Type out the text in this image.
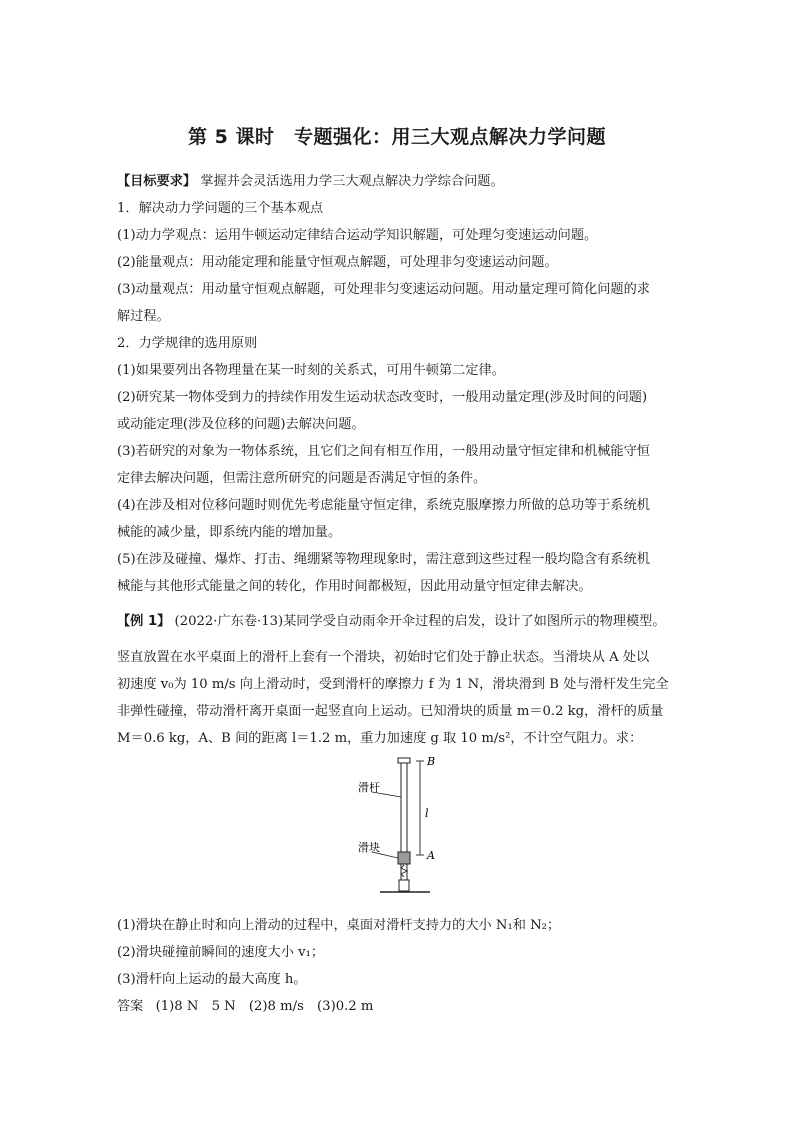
第 5 课时　专题强化：用三大观点解决力学问题
【目标要求】 掌握并会灵活选用力学三大观点解决力学综合问题。
1．解决动力学问题的三个基本观点
(1)动力学观点：运用牛顿运动定律结合运动学知识解题，可处理匀变速运动问题。
(2)能量观点：用动能定理和能量守恒观点解题，可处理非匀变速运动问题。
(3)动量观点：用动量守恒观点解题，可处理非匀变速运动问题。用动量定理可简化问题的求
解过程。
2．力学规律的选用原则
(1)如果要列出各物理量在某一时刻的关系式，可用牛顿第二定律。
(2)研究某一物体受到力的持续作用发生运动状态改变时，一般用动量定理(涉及时间的问题)
或动能定理(涉及位移的问题)去解决问题。
(3)若研究的对象为一物体系统，且它们之间有相互作用，一般用动量守恒定律和机械能守恒
定律去解决问题，但需注意所研究的问题是否满足守恒的条件。
(4)在涉及相对位移问题时则优先考虑能量守恒定律，系统克服摩擦力所做的总功等于系统机
械能的减少量，即系统内能的增加量。
(5)在涉及碰撞、爆炸、打击、绳绷紧等物理现象时，需注意到这些过程一般均隐含有系统机
械能与其他形式能量之间的转化，作用时间都极短，因此用动量守恒定律去解决。
【例 1】 (2022·广东卷·13)某同学受自动雨伞开伞过程的启发，设计了如图所示的物理模型。
竖直放置在水平桌面上的滑杆上套有一个滑块，初始时它们处于静止状态。当滑块从 A 处以
初速度 v₀为 10 m/s 向上滑动时，受到滑杆的摩擦力 f 为 1 N，滑块滑到 B 处与滑杆发生完全
非弹性碰撞，带动滑杆离开桌面一起竖直向上运动。已知滑块的质量 m＝0.2 kg，滑杆的质量
M＝0.6 kg，A、B 间的距离 l＝1.2 m，重力加速度 g 取 10 m/s²，不计空气阻力。求：
滑杆
滑块
B
A
l
(1)滑块在静止时和向上滑动的过程中，桌面对滑杆支持力的大小 N₁和 N₂；
(2)滑块碰撞前瞬间的速度大小 v₁；
(3)滑杆向上运动的最大高度 h。
答案 (1)8 N　5 N　(2)8 m/s　(3)0.2 m
